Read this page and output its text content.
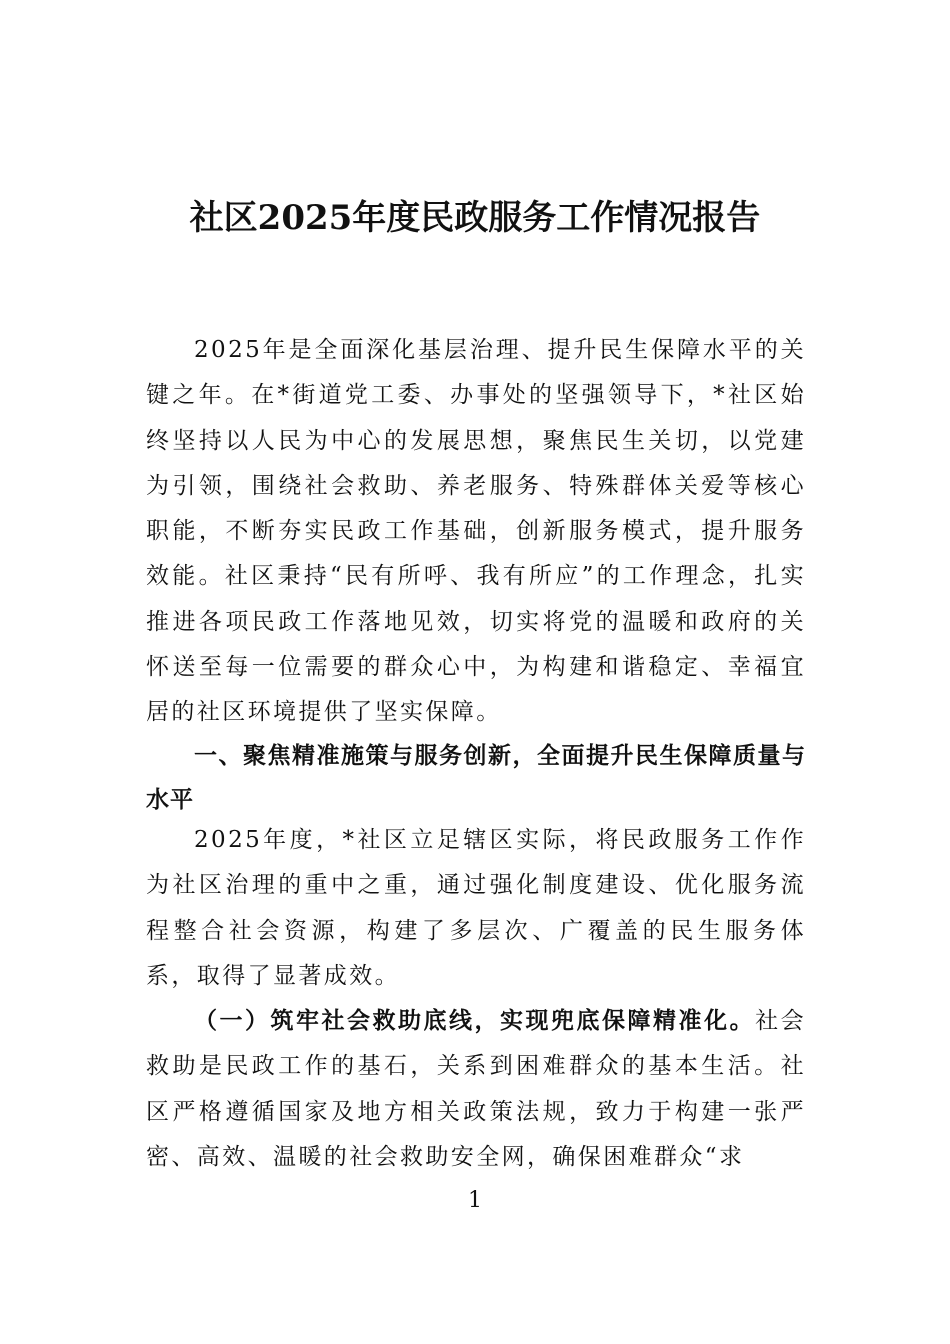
社区2025年度民政服务工作情况报告

2025年是全面深化基层治理、提升民生保障水平的关键之年。在*街道党工委、办事处的坚强领导下，*社区始终坚持以人民为中心的发展思想，聚焦民生关切，以党建为引领，围绕社会救助、养老服务、特殊群体关爱等核心职能，不断夯实民政工作基础，创新服务模式，提升服务效能。社区秉持“民有所呼、我有所应”的工作理念，扎实推进各项民政工作落地见效，切实将党的温暖和政府的关怀送至每一位需要的群众心中，为构建和谐稳定、幸福宜居的社区环境提供了坚实保障。

一、聚焦精准施策与服务创新，全面提升民生保障质量与水平

2025年度，*社区立足辖区实际，将民政服务工作作为社区治理的重中之重，通过强化制度建设、优化服务流程整合社会资源，构建了多层次、广覆盖的民生服务体系，取得了显著成效。

（一）筑牢社会救助底线，实现兜底保障精准化。社会救助是民政工作的基石，关系到困难群众的基本生活。社区严格遵循国家及地方相关政策法规，致力于构建一张严密、高效、温暖的社会救助安全网，确保困难群众“求

1
